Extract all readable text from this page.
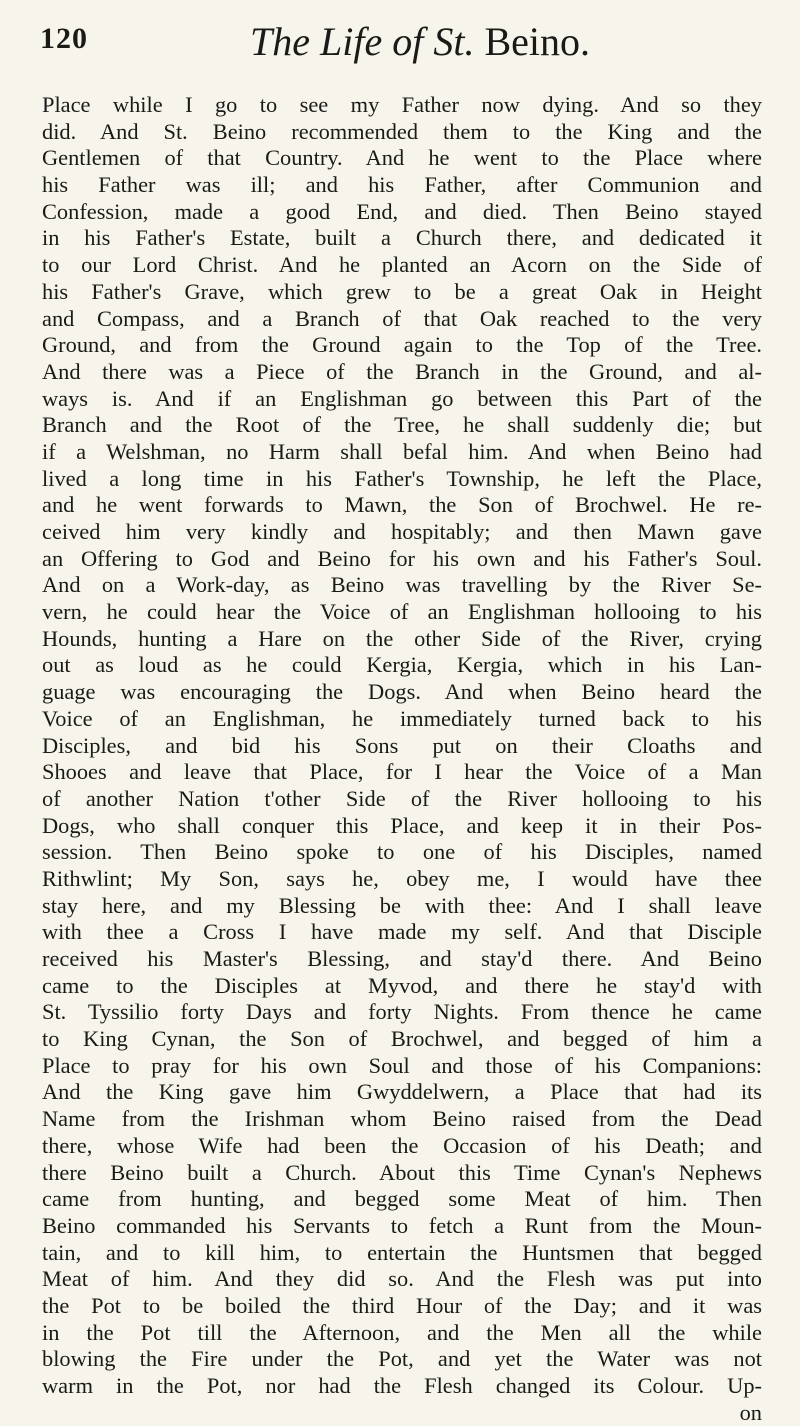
120	The Life of St. Beino.
Place while I go to see my Father now dying. And so they
did. And St. Beino recommended them to the King and the
Gentlemen of that Country. And he went to the Place where
his Father was ill; and his Father, after Communion and
Confession, made a good End, and died. Then Beino stayed
in his Father's Estate, built a Church there, and dedicated it
to our Lord Christ. And he planted an Acorn on the Side of
his Father's Grave, which grew to be a great Oak in Height
and Compass, and a Branch of that Oak reached to the very
Ground, and from the Ground again to the Top of the Tree.
And there was a Piece of the Branch in the Ground, and al-
ways is. And if an Englishman go between this Part of the
Branch and the Root of the Tree, he shall suddenly die; but
if a Welshman, no Harm shall befal him. And when Beino had
lived a long time in his Father's Township, he left the Place,
and he went forwards to Mawn, the Son of Brochwel. He re-
ceived him very kindly and hospitably; and then Mawn gave
an Offering to God and Beino for his own and his Father's Soul.
And on a Work-day, as Beino was travelling by the River Se-
vern, he could hear the Voice of an Englishman hollooing to his
Hounds, hunting a Hare on the other Side of the River, crying
out as loud as he could Kergia, Kergia, which in his Lan-
guage was encouraging the Dogs. And when Beino heard the
Voice of an Englishman, he immediately turned back to his
Disciples, and bid his Sons put on their Cloaths and
Shooes and leave that Place, for I hear the Voice of a Man
of another Nation t'other Side of the River hollooing to his
Dogs, who shall conquer this Place, and keep it in their Pos-
session. Then Beino spoke to one of his Disciples, named
Rithwlint; My Son, says he, obey me, I would have thee
stay here, and my Blessing be with thee: And I shall leave
with thee a Cross I have made my self. And that Disciple
received his Master's Blessing, and stay'd there. And Beino
came to the Disciples at Myvod, and there he stay'd with
St. Tyssilio forty Days and forty Nights. From thence he came
to King Cynan, the Son of Brochwel, and begged of him a
Place to pray for his own Soul and those of his Companions:
And the King gave him Gwyddelwern, a Place that had its
Name from the Irishman whom Beino raised from the Dead
there, whose Wife had been the Occasion of his Death; and
there Beino built a Church. About this Time Cynan's Nephews
came from hunting, and begged some Meat of him. Then
Beino commanded his Servants to fetch a Runt from the Moun-
tain, and to kill him, to entertain the Huntsmen that begged
Meat of him. And they did so. And the Flesh was put into
the Pot to be boiled the third Hour of the Day; and it was
in the Pot till the Afternoon, and the Men all the while
blowing the Fire under the Pot, and yet the Water was not
warm in the Pot, nor had the Flesh changed its Colour. Up-
on
